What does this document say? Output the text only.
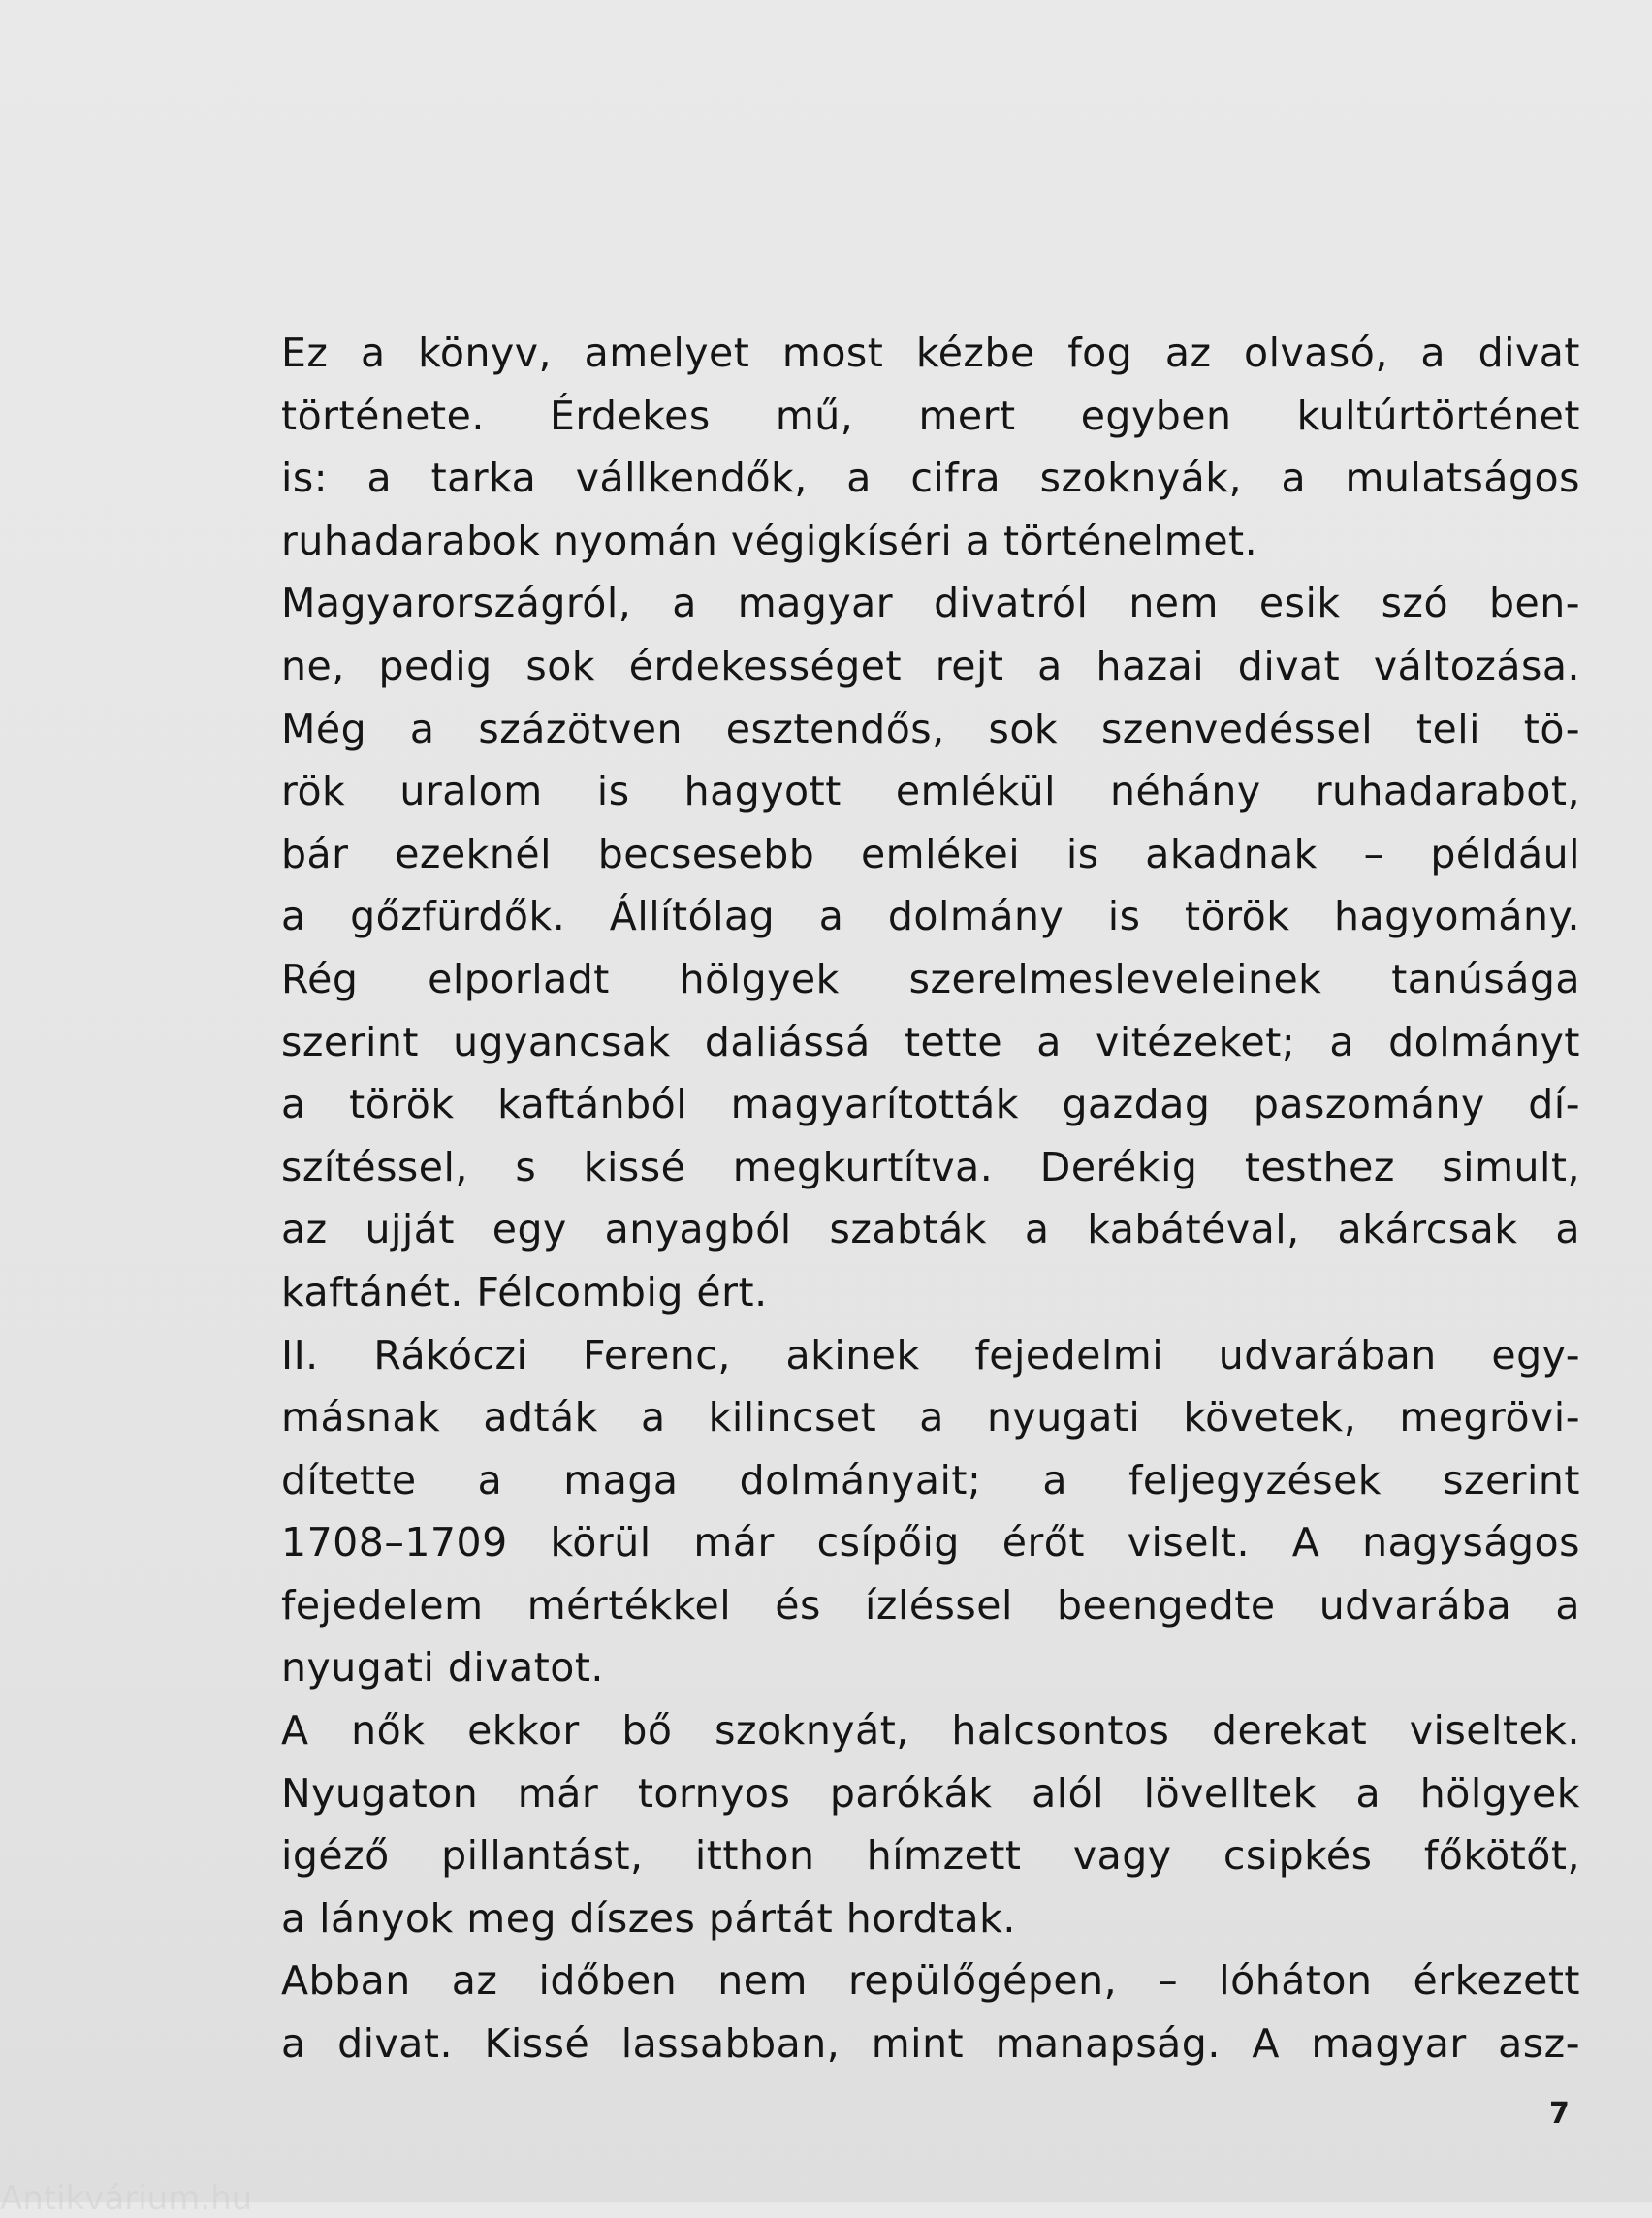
Ez a könyv, amelyet most kézbe fog az olvasó, a divat
története. Érdekes mű, mert egyben kultúrtörténet
is: a tarka vállkendők, a cifra szoknyák, a mulatságos
ruhadarabok nyomán végigkíséri a történelmet.
Magyarországról, a magyar divatról nem esik szó ben-
ne, pedig sok érdekességet rejt a hazai divat változása.
Még a százötven esztendős, sok szenvedéssel teli tö-
rök uralom is hagyott emlékül néhány ruhadarabot,
bár ezeknél becsesebb emlékei is akadnak – például
a gőzfürdők. Állítólag a dolmány is török hagyomány.
Rég elporladt hölgyek szerelmesleveleinek tanúsága
szerint ugyancsak daliássá tette a vitézeket; a dolmányt
a török kaftánból magyarították gazdag paszomány dí-
szítéssel, s kissé megkurtítva. Derékig testhez simult,
az ujját egy anyagból szabták a kabátéval, akárcsak a
kaftánét. Félcombig ért.
II. Rákóczi Ferenc, akinek fejedelmi udvarában egy-
másnak adták a kilincset a nyugati követek, megrövi-
dítette a maga dolmányait; a feljegyzések szerint
1708–1709 körül már csípőig érőt viselt. A nagyságos
fejedelem mértékkel és ízléssel beengedte udvarába a
nyugati divatot.
A nők ekkor bő szoknyát, halcsontos derekat viseltek.
Nyugaton már tornyos parókák alól lövelltek a hölgyek
igéző pillantást, itthon hímzett vagy csipkés főkötőt,
a lányok meg díszes pártát hordtak.
Abban az időben nem repülőgépen, – lóháton érkezett
a divat. Kissé lassabban, mint manapság. A magyar asz-
7
Antikvárium.hu
